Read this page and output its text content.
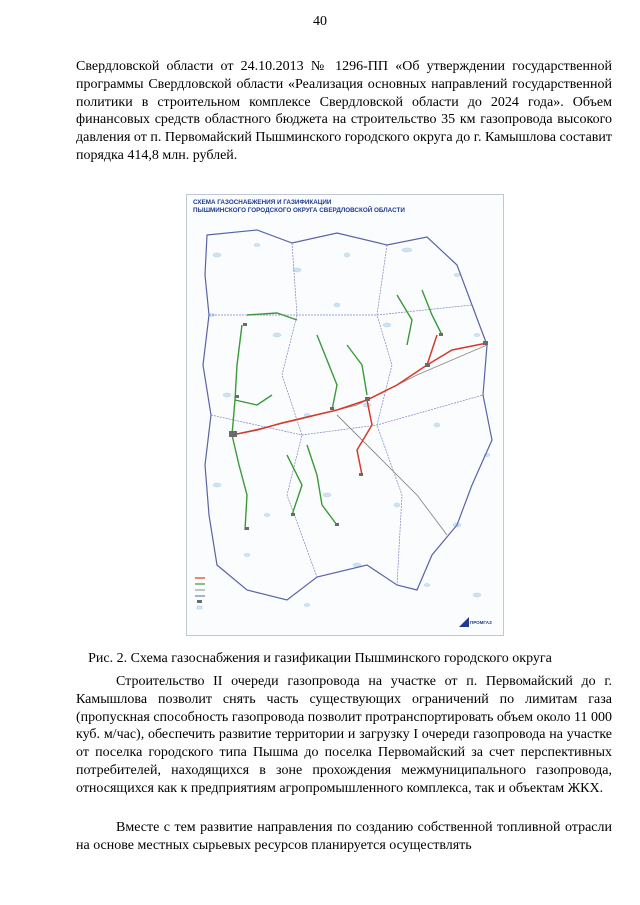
40

Свердловской области от 24.10.2013 № 1296-ПП «Об утверждении государственной программы Свердловской области «Реализация основных направлений государственной политики в строительном комплексе Свердловской области до 2024 года». Объем финансовых средств областного бюджета на строительство 35 км газопровода высокого давления от п. Первомайский Пышминского городского округа до г. Камышлова составит порядка 414,8 млн. рублей.

СХЕМА ГАЗОСНАБЖЕНИЯ И ГАЗИФИКАЦИИ
ПЫШМИНСКОГО ГОРОДСКОГО ОКРУГА СВЕРДЛОВСКОЙ ОБЛАСТИ
ПРОМГАЗ
Рис. 2. Схема газоснабжения и газификации Пышминского городского округа

Строительство II очереди газопровода на участке от п. Первомайский до г. Камышлова позволит снять часть существующих ограничений по лимитам газа (пропускная способность газопровода позволит протранспортировать объем около 11 000 куб. м/час), обеспечить развитие территории и загрузку I очереди газопровода на участке от поселка городского типа Пышма до поселка Первомайский за счет перспективных потребителей, находящихся в зоне прохождения межмуниципального газопровода, относящихся как к предприятиям агропромышленного комплекса, так и объектам ЖКХ.

Вместе с тем развитие направления по созданию собственной топливной отрасли на основе местных сырьевых ресурсов планируется осуществлять
